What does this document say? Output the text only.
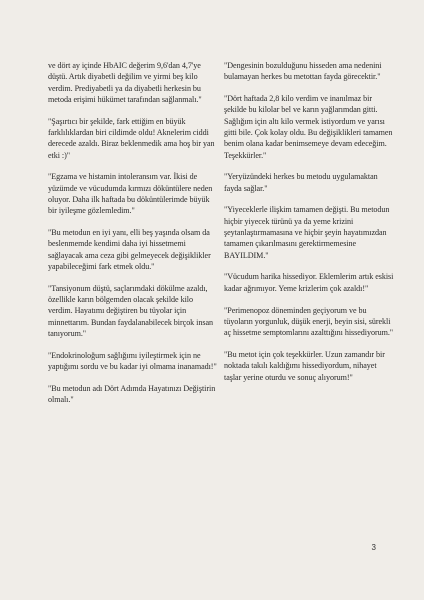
ve dört ay içinde HbAIC değerim 9,6'dan 4,7'ye düştü. Artık diyabetli değilim ve yirmi beş kilo verdim. Prediyabetli ya da diyabetli herkesin bu metoda erişimi hükümet tarafından sağlanmalı."

"Şaşırtıcı bir şekilde, fark ettiğim en büyük farklılıklardan biri cildimde oldu! Aknelerim ciddi derecede azaldı. Biraz beklenmedik ama hoş bir yan etki :)"

"Egzama ve histamin intoleransım var. İkisi de yüzümde ve vücudumda kırmızı döküntülere neden oluyor. Daha ilk haftada bu döküntülerimde büyük bir iyileşme gözlemledim."

"Bu metodun en iyi yanı, elli beş yaşında olsam da beslenmemde kendimi daha iyi hissetmemi sağlayacak ama ceza gibi gelmeyecek değişiklikler yapabileceğimi fark etmek oldu."

"Tansiyonum düştü, saçlarımdaki dökülme azaldı, özellikle karın bölgemden olacak şekilde kilo verdim. Hayatımı değiştiren bu tüyolar için minnettarım. Bundan faydalanabilecek birçok insan tanıyorum."

"Endokrinoloğum sağlığımı iyileştirmek için ne yaptığımı sordu ve bu kadar iyi olmama inanamadı!"

"Bu metodun adı Dört Adımda Hayatınızı Değiştirin olmalı."

"Dengesinin bozulduğunu hisseden ama nedenini bulamayan herkes bu metottan fayda görecektir."

"Dört haftada 2,8 kilo verdim ve inanılmaz bir şekilde bu kilolar bel ve karın yağlarımdan gitti. Sağlığım için altı kilo vermek istiyordum ve yarısı gitti bile. Çok kolay oldu. Bu değişiklikleri tamamen benim olana kadar benimsemeye devam edeceğim. Teşekkürler."

"Yeryüzündeki herkes bu metodu uygulamaktan fayda sağlar."

"Yiyeceklerle ilişkim tamamen değişti. Bu metodun hiçbir yiyecek türünü ya da yeme krizini şeytanlaştırmamasına ve hiçbir şeyin hayatımızdan tamamen çıkarılmasını gerektirmemesine BAYILDIM."

"Vücudum harika hissediyor. Eklemlerim artık eskisi kadar ağrımıyor. Yeme krizlerim çok azaldı!"

"Perimenopoz döneminden geçiyorum ve bu tüyoların yorgunluk, düşük enerji, beyin sisi, sürekli aç hissetme semptomlarını azalttığını hissediyorum."

"Bu metot için çok teşekkürler. Uzun zamandır bir noktada takılı kaldığımı hissediyordum, nihayet taşlar yerine oturdu ve sonuç alıyorum!"

3
